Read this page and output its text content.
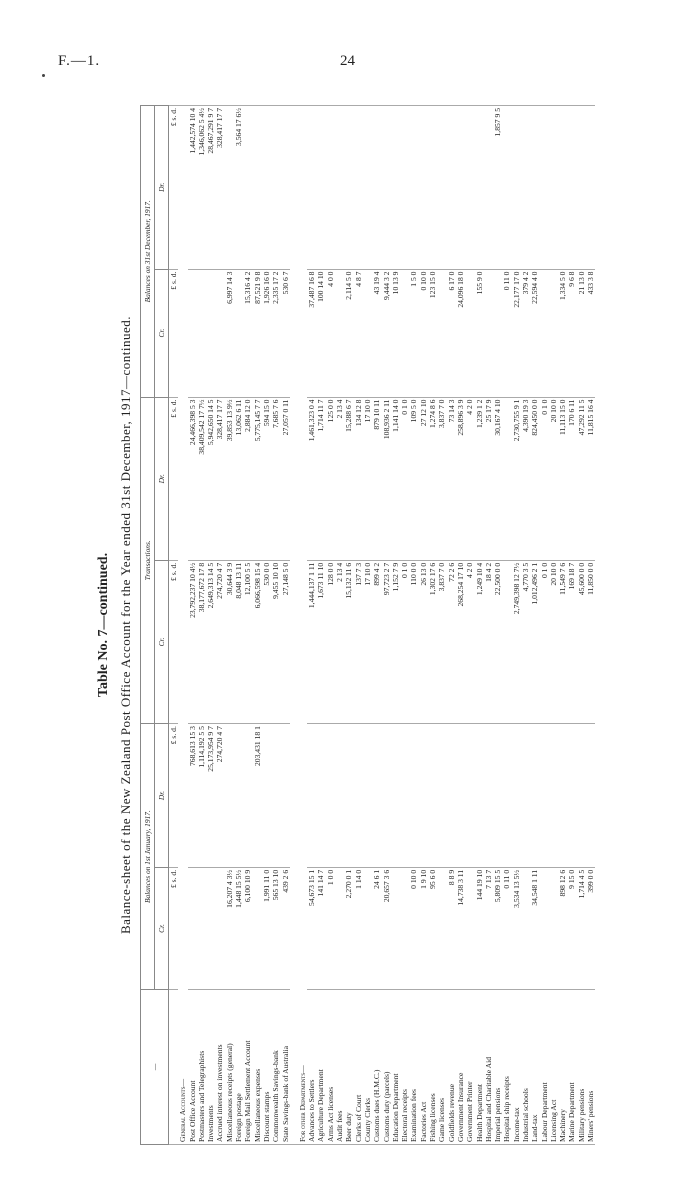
F.—1.	24
Table No. 7—continued. Balance-sheet of the New Zealand Post Office Account for the Year ended 31st December, 1917—continued.
—	Balances on 1st January, 1917.		Transactions.		Balances on 31st December, 1917.	
	Cr.	Dr.	Cr.	Dr.	Cr.	Dr.
	£ s. d.	£ s. d.	£ s. d.	£ s. d.	£ s. d.	£ s. d.
General Accounts—						
Post Office Account		768,613 15 3	23,792,237 10 4½	24,466,398 5 3		1,442,574 10 4
Postmasters and Telegraphists		1,114,192 5 5	38,177,672 17 8	38,409,542 17 7½		1,346,062 5 4½
Investments		25,173,954 9 7	2,649,313 14 5	5,942,650 14 5		28,467,291 9 7
Accrued interest on investments		274,720 4 7	274,720 4 7	328,417 17 7		328,417 17 7
Miscellaneous receipts (general)	16,207 4 3½		30,644 3 9	39,853 13 9½	6,997 14 3	
Foreign postage	1,448 15 5½		8,048 13 11	13,062 6 11		3,564 17 6½
Foreign Mail Settlement Account	6,100 10 9		12,100 5 5	2,884 12 0	15,316 4 2	
Miscellaneous expenses		203,431 18 1	6,066,598 15 4	5,775,145 7 7	87,521 9 8	
Discount stamps	1,991 11 0		530 0 0	594 15 0	1,926 16 0	
Commonwealth Savings-bank	565 13 10		9,455 10 10	7,685 7 6	2,335 17 2	
State Savings-bank of Australia	439 2 6		27,148 5 0	27,057 0 11	530 6 7	

For other Departments—						
Advances to Settlers	54,673 15 1		1,444,137 1 11	1,461,323 0 4	37,487 16 8	
Agriculture Department	141 14 7		1,673 11 10	1,714 11 7	100 14 10	
Arms Act licenses	1 0 0		128 0 0	125 0 0	4 0 0	
Audit fees			2 13 4	2 13 4		
Beer duty	2,270 0 1		15,132 11 6	15,288 6 7	2,114 5 0	
Clerks of Court	1 14 0		137 7 3	134 12 8	4 8 7	
County Clerks			17 10 0	17 10 0		
Customs dues (H.M.C.)	24 6 1		899 4 2	879 10 11	43 19 4	
Customs duty (parcels)	20,657 3 6		97,723 2 7	108,936 2 11	9,444 3 2	
Education Department			1,152 7 9	1,141 14 0	10 13 9	
Electoral receipts			0 1 0	0 1 0		
Examination fees	0 10 0		110 0 0	109 5 0	1 5 0	
Factories Act	1 9 10		26 13 0	27 12 10	0 10 0	
Fishing licenses	95 6 0		1,302 17 6	1,274 8 6	123 15 0	
Game licenses			3,837 7 0	3,837 7 0		
Goldfields revenue	8 8 9		72 2 6	73 14 3	6 17 0	
Government Insurance	14,738 3 11		268,254 17 10	258,896 3 9	24,096 18 0	
Government Printer			4 2 0	4 2 0		
Health Department	144 19 10		1,249 10 4	1,239 1 2	155 9 0	
Hospital and Charitable Aid	7 13 7		18 4 2	25 17 9		
Imperial pensions	5,809 15 5		22,500 0 0	30,167 4 10		1,857 9 5
Hospital ship receipts	0 11 0				0 11 0	
Income-tax	3,534 13 5½		2,749,398 12 7½	2,730,755 9 1	22,177 17 0	
Industrial schools			4,770 3 5	4,390 19 3	379 4 2	
Land-tax	34,548 1 11		1,012,496 2 1	824,450 0 0	22,594 4 0	
Labour Department			0 1 0	0 1 0		
Licensing Act			20 10 0	20 10 0		
Machinery	898 12 6		11,549 7 6	11,113 15 0	1,334 5 0	
Marine Department	9 15 0		169 18 7	170 6 11	9 6 8	
Military pensions	1,714 4 5		45,600 0 0	47,292 11 5	21 13 0	
Miners' pensions	399 0 0		11,850 0 0	11,815 16 4	433 3 8	
